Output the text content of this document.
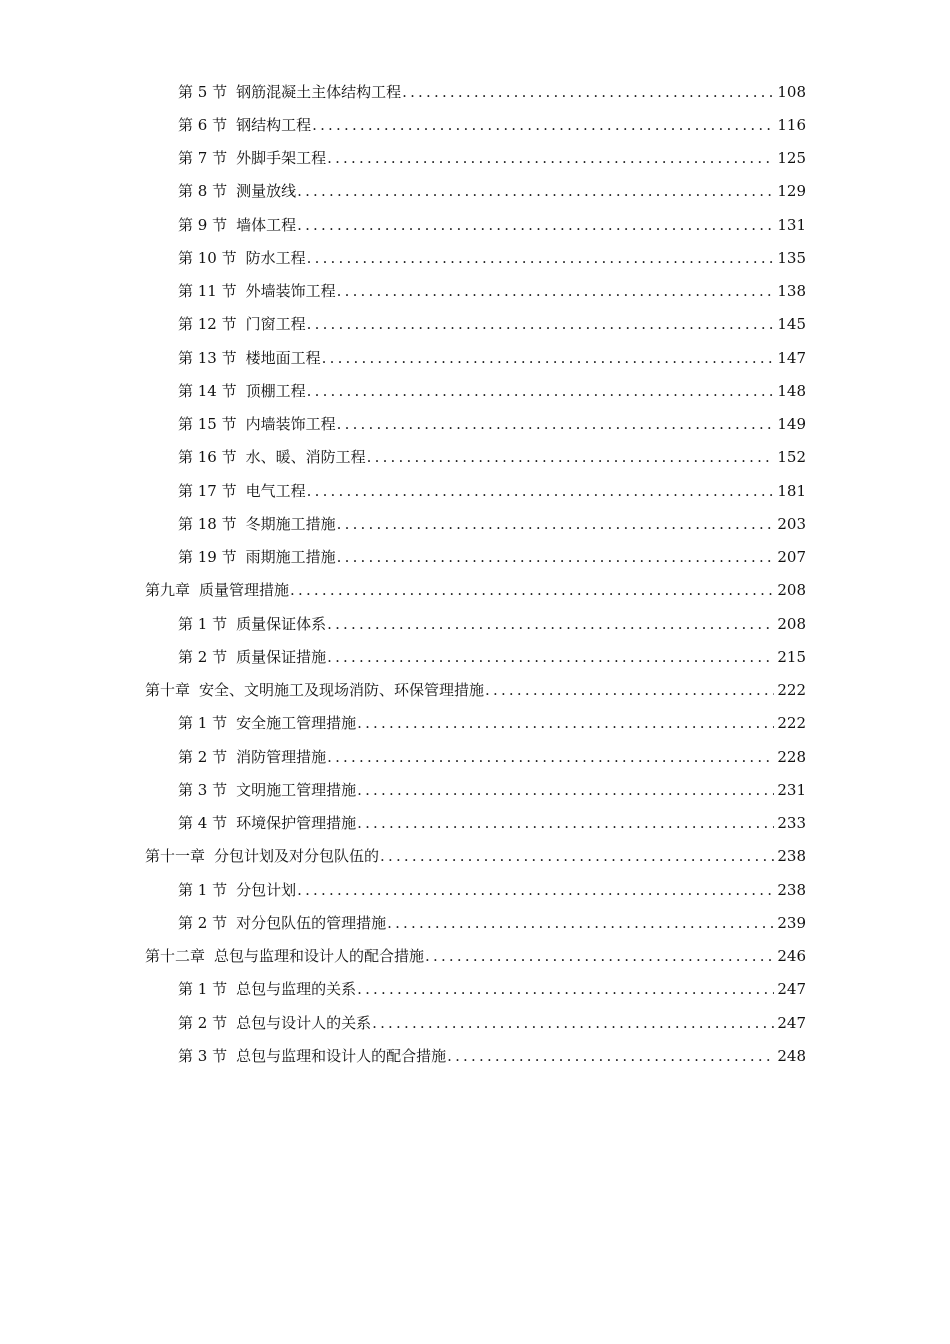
第 5 节 钢筋混凝土主体结构工程 .....	108
第 6 节 钢结构工程 .....	116
第 7 节 外脚手架工程 .....	125
第 8 节 测量放线 .....	129
第 9 节 墙体工程 .....	131
第 10 节 防水工程 .....	135
第 11 节 外墙装饰工程 .....	138
第 12 节 门窗工程 .....	145
第 13 节 楼地面工程 .....	147
第 14 节 顶棚工程 .....	148
第 15 节 内墙装饰工程 .....	149
第 16 节 水、暖、消防工程 .....	152
第 17 节 电气工程 .....	181
第 18 节 冬期施工措施 .....	203
第 19 节 雨期施工措施 .....	207
第九章 质量管理措施 .....	208
第 1 节 质量保证体系 .....	208
第 2 节 质量保证措施 .....	215
第十章 安全、文明施工及现场消防、环保管理措施 .....	222
第 1 节 安全施工管理措施 .....	222
第 2 节 消防管理措施 .....	228
第 3 节 文明施工管理措施 .....	231
第 4 节 环境保护管理措施 .....	233
第十一章 分包计划及对分包队伍的 .....	238
第 1 节 分包计划 .....	238
第 2 节 对分包队伍的管理措施 .....	239
第十二章 总包与监理和设计人的配合措施 .....	246
第 1 节 总包与监理的关系 .....	247
第 2 节 总包与设计人的关系 .....	247
第 3 节 总包与监理和设计人的配合措施 .....	248
